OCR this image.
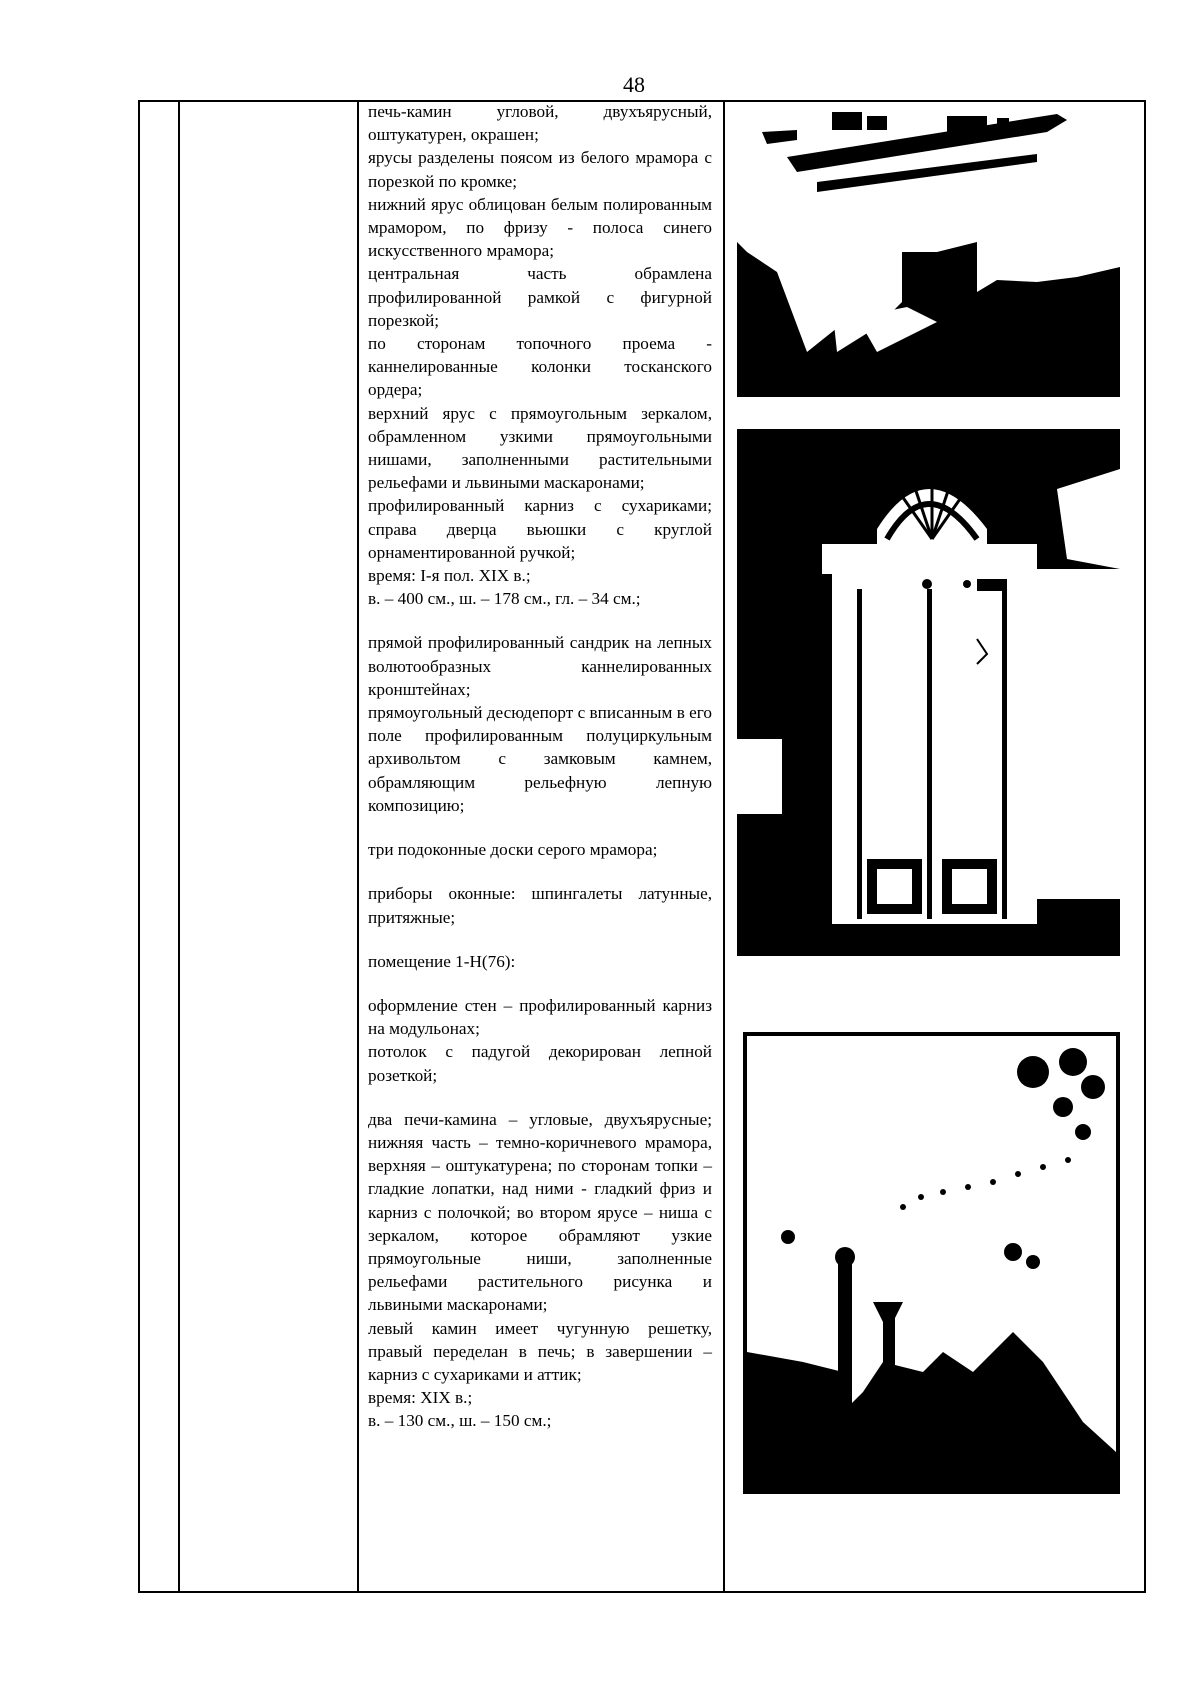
48

печь-камин угловой, двухъярусный, оштукатурен, окрашен;

ярусы разделены поясом из белого мрамора с порезкой по кромке;

нижний ярус облицован белым полированным мрамором, по фризу - полоса синего искусственного мрамора;

центральная часть обрамлена профилированной рамкой с фигурной порезкой;

по сторонам топочного проема - каннелированные колонки тосканского ордера;

верхний ярус с прямоугольным зеркалом, обрамленном узкими прямоугольными нишами, заполненными растительными рельефами и львиными маскаронами;

профилированный карниз с сухариками; справа дверца вьюшки с круглой орнаментированной ручкой;

время: I-я пол. XIX в.;

в. – 400 см., ш. – 178 см., гл. – 34 см.;

прямой профилированный сандрик на лепных волютообразных каннелированных кронштейнах;

прямоугольный десюдепорт с вписанным в его поле профилированным полуциркульным архивольтом с замковым камнем, обрамляющим рельефную лепную композицию;

три подоконные доски серого мрамора;

приборы оконные: шпингалеты латунные, притяжные;

помещение 1-Н(76):

оформление стен – профилированный карниз на модульонах;

потолок с падугой декорирован лепной розеткой;

два печи-камина – угловые, двухъярусные; нижняя часть – темно-коричневого мрамора, верхняя – оштукатурена; по сторонам топки – гладкие лопатки, над ними - гладкий фриз и карниз с полочкой; во втором ярусе – ниша с зеркалом, которое обрамляют узкие прямоугольные ниши, заполненные рельефами растительного рисунка и львиными маскаронами;

левый камин имеет чугунную решетку, правый переделан в печь; в завершении – карниз с сухариками и аттик;

время: XIX в.;

в. – 130 см., ш. – 150 см.;
